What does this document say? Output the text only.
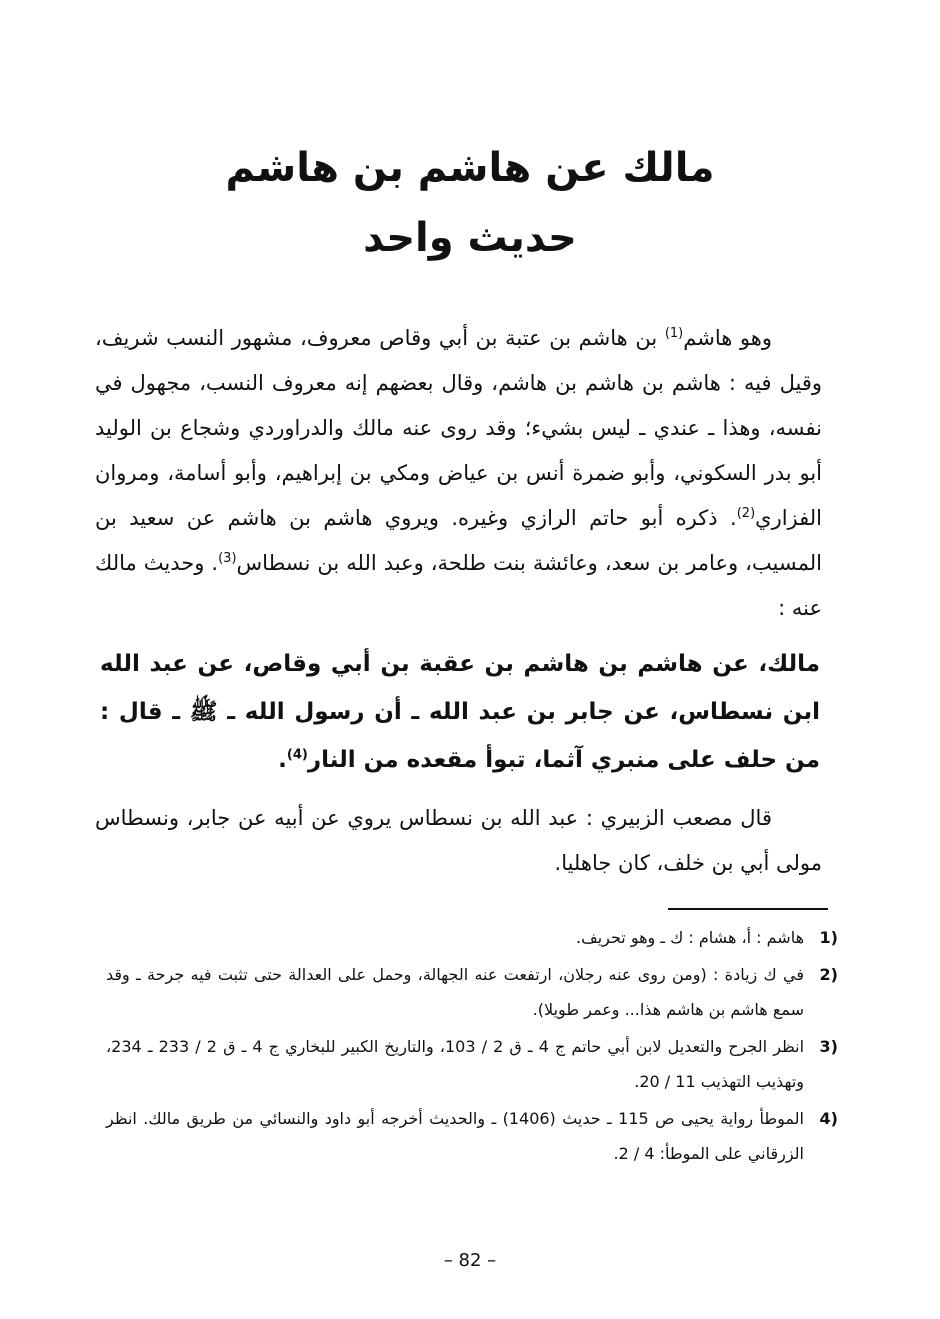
مالك عن هاشم بن هاشم
حديث واحد

وهو هاشم$^{(1)}$ بن هاشم بن عتبة بن أبي وقاص معروف، مشهور النسب شريف، وقيل فيه : هاشم بن هاشم بن هاشم، وقال بعضهم إنه معروف النسب، مجهول في نفسه، وهذا ـ عندي ـ ليس بشيء؛ وقد روى عنه مالك والدراوردي وشجاع بن الوليد أبو بدر السكوني، وأبو ضمرة أنس بن عياض ومكي بن إبراهيم، وأبو أسامة، ومروان الفزاري$^{(2)}$. ذكره أبو حاتم الرازي وغيره. ويروي هاشم بن هاشم عن سعيد بن المسيب، وعامر بن سعد، وعائشة بنت طلحة، وعبد الله بن نسطاس$^{(3)}$. وحديث مالك عنه :

مالك، عن هاشم بن هاشم بن عقبة بن أبي وقاص، عن عبد الله ابن نسطاس، عن جابر بن عبد الله ـ أن رسول الله ـ ﷺ ـ قال : من حلف على منبري آثما، تبوأ مقعده من النار$^{(4)}$.

قال مصعب الزبيري : عبد الله بن نسطاس يروي عن أبيه عن جابر، ونسطاس مولى أبي بن خلف، كان جاهليا.

1)
هاشم : أ، هشام : ك ـ وهو تحريف.
2)
في ك زيادة : (ومن روى عنه رجلان، ارتفعت عنه الجهالة، وحمل على العدالة حتى تثبت فيه جرحة ـ وقد سمع هاشم بن هاشم هذا... وعمر طويلا).
3)
انظر الجرح والتعديل لابن أبي حاتم ج 4 ـ ق 2 / 103، والتاريخ الكبير للبخاري ج 4 ـ ق 2 / 233 ـ 234، وتهذيب التهذيب 11 / 20.
4)
الموطأ رواية يحيى ص 115 ـ حديث (1406) ـ والحديث أخرجه أبو داود والنسائي من طريق مالك. انظر الزرقاني على الموطأ: 4 / 2.
– 82 –
